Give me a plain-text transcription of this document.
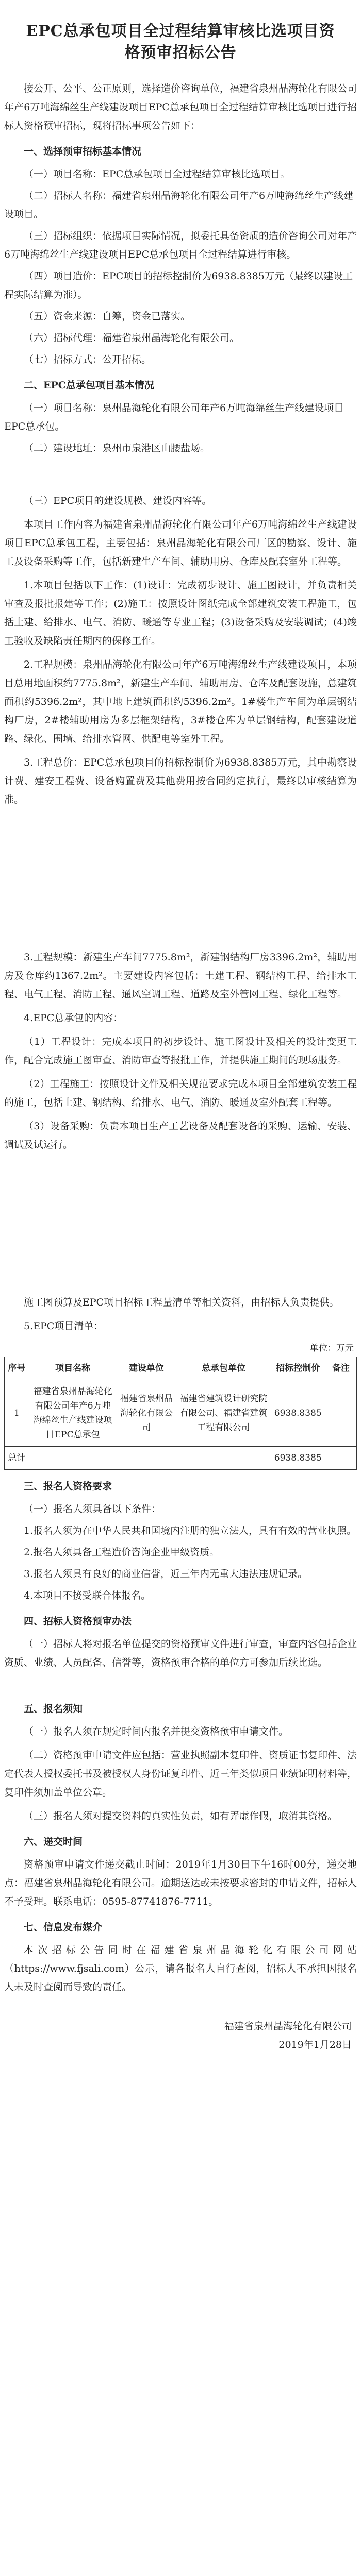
EPC总承包项目全过程结算审核比选项目资格预审招标公告
接公开、公平、公正原则，选择造价咨询单位，福建省泉州晶海轮化有限公司年产6万吨海绵丝生产线建设项目EPC总承包项目全过程结算审核比选项目进行招标人资格预审招标，现将招标事项公告如下：
一、选择预审招标基本情况
（一）项目名称：EPC总承包项目全过程结算审核比选项目。
（二）招标人名称：福建省泉州晶海轮化有限公司年产6万吨海绵丝生产线建设项目。
（三）招标组织：依据项目实际情况，拟委托具备资质的造价咨询公司对年产6万吨海绵丝生产线建设项目EPC总承包项目全过程结算进行审核。
（四）项目造价：EPC项目的招标控制价为6938.8385万元（最终以建设工程实际结算为准）。
（五）资金来源：自筹，资金已落实。
（六）招标代理：福建省泉州晶海轮化有限公司。
（七）招标方式：公开招标。
二、EPC总承包项目基本情况
（一）项目名称：泉州晶海轮化有限公司年产6万吨海绵丝生产线建设项目EPC总承包。
（二）建设地址：泉州市泉港区山腰盐场。
（三）EPC项目的建设规模、建设内容等。
本项目工作内容为福建省泉州晶海轮化有限公司年产6万吨海绵丝生产线建设项目EPC总承包工程，主要包括：泉州晶海轮化有限公司厂区的勘察、设计、施工及设备采购等工作，包括新建生产车间、辅助用房、仓库及配套室外工程等。
1.本项目包括以下工作：(1)设计：完成初步设计、施工图设计，并负责相关审查及报批报建等工作；(2)施工：按照设计图纸完成全部建筑安装工程施工，包括土建、给排水、电气、消防、暖通等专业工程；(3)设备采购及安装调试；(4)竣工验收及缺陷责任期内的保修工作。
2.工程规模：泉州晶海轮化有限公司年产6万吨海绵丝生产线建设项目，本项目总用地面积约7775.8m²，新建生产车间、辅助用房、仓库及配套设施，总建筑面积约5396.2m²，其中地上建筑面积约5396.2m²。1#楼生产车间为单层钢结构厂房，2#楼辅助用房为多层框架结构，3#楼仓库为单层钢结构，配套建设道路、绿化、围墙、给排水管网、供配电等室外工程。
3.工程总价：EPC总承包项目的招标控制价为6938.8385万元，其中勘察设计费、建安工程费、设备购置费及其他费用按合同约定执行，最终以审核结算为准。
3.工程规模：新建生产车间7775.8m²，新建钢结构厂房3396.2m²，辅助用房及仓库约1367.2m²。主要建设内容包括：土建工程、钢结构工程、给排水工程、电气工程、消防工程、通风空调工程、道路及室外管网工程、绿化工程等。
4.EPC总承包的内容：
（1）工程设计：完成本项目的初步设计、施工图设计及相关的设计变更工作，配合完成施工图审查、消防审查等报批工作，并提供施工期间的现场服务。
（2）工程施工：按照设计文件及相关规范要求完成本项目全部建筑安装工程的施工，包括土建、钢结构、给排水、电气、消防、暖通及室外配套工程等。
（3）设备采购：负责本项目生产工艺设备及配套设备的采购、运输、安装、调试及试运行。
施工图预算及EPC项目招标工程量清单等相关资料，由招标人负责提供。
5.EPC项目清单：
单位：万元
序号	项目名称	建设单位	总承包单位	招标控制价	备注
1	福建省泉州晶海轮化有限公司年产6万吨海绵丝生产线建设项目EPC总承包	福建省泉州晶海轮化有限公司	福建省建筑设计研究院有限公司、福建省建筑工程有限公司	6938.8385	
总计				6938.8385	
三、报名人资格要求
（一）报名人须具备以下条件：
1.报名人须为在中华人民共和国境内注册的独立法人，具有有效的营业执照。
2.报名人须具备工程造价咨询企业甲级资质。
3.报名人须具有良好的商业信誉，近三年内无重大违法违规记录。
4.本项目不接受联合体报名。
四、招标人资格预审办法
（一）招标人将对报名单位提交的资格预审文件进行审查，审查内容包括企业资质、业绩、人员配备、信誉等，资格预审合格的单位方可参加后续比选。
五、报名须知
（一）报名人须在规定时间内报名并提交资格预审申请文件。
（二）资格预审申请文件应包括：营业执照副本复印件、资质证书复印件、法定代表人授权委托书及被授权人身份证复印件、近三年类似项目业绩证明材料等，复印件须加盖单位公章。
（三）报名人须对提交资料的真实性负责，如有弄虚作假，取消其资格。
六、递交时间
资格预审申请文件递交截止时间：2019年1月30日下午16时00分，递交地点：福建省泉州晶海轮化有限公司。逾期送达或未按要求密封的申请文件，招标人不予受理。联系电话：0595-87741876-7711。
七、信息发布媒介
本次招标公告同时在福建省泉州晶海轮化有限公司网站（https://www.fjsali.com）公示，请各报名人自行查阅，招标人不承担因报名人未及时查阅而导致的责任。
福建省泉州晶海轮化有限公司
2019年1月28日
